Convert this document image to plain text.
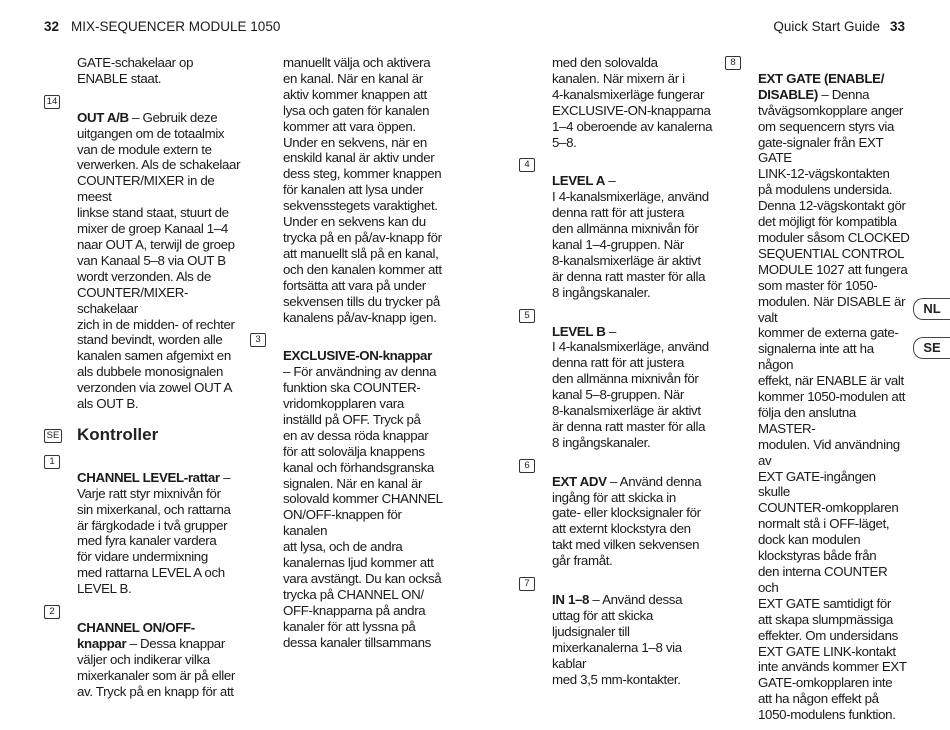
32 MIX-SEQUENCER MODULE 1050	Quick Start Guide 33
GATE-schakelaar op
ENABLE staat.

14
OUT A/B – Gebruik deze
uitgangen om de totaalmix
van de module extern te
verwerken. Als de schakelaar
COUNTER/MIXER in de meest
linkse stand staat, stuurt de
mixer de groep Kanaal 1–4
naar OUT A, terwijl de groep
van Kanaal 5–8 via OUT B
wordt verzonden. Als de
COUNTER/MIXER-schakelaar
zich in de midden- of rechter
stand bevindt, worden alle
kanalen samen afgemixt en
als dubbele monosignalen
verzonden via zowel OUT A
als OUT B.

SE Kontroller

1
CHANNEL LEVEL-rattar –
Varje ratt styr mixnivån för
sin mixerkanal, och rattarna
är färgkodade i två grupper
med fyra kanaler vardera
för vidare undermixning
med rattarna LEVEL A och
LEVEL B.

2
CHANNEL ON/OFF-
knappar – Dessa knappar
väljer och indikerar vilka
mixerkanaler som är på eller
av. Tryck på en knapp för att

manuellt välja och aktivera
en kanal. När en kanal är
aktiv kommer knappen att
lysa och gaten för kanalen
kommer att vara öppen.
Under en sekvens, när en
enskild kanal är aktiv under
dess steg, kommer knappen
för kanalen att lysa under
sekvensstegets varaktighet.
Under en sekvens kan du
trycka på en på/av-knapp för
att manuellt slå på en kanal,
och den kanalen kommer att
fortsätta att vara på under
sekvensen tills du trycker på
kanalens på/av-knapp igen.

3
EXCLUSIVE-ON-knappar
– För användning av denna
funktion ska COUNTER-
vridomkopplaren vara
inställd på OFF. Tryck på
en av dessa röda knappar
för att solovälja knappens
kanal och förhandsgranska
signalen. När en kanal är
solovald kommer CHANNEL
ON/OFF-knappen för kanalen
att lysa, och de andra
kanalernas ljud kommer att
vara avstängt. Du kan också
trycka på CHANNEL ON/
OFF-knapparna på andra
kanaler för att lyssna på
dessa kanaler tillsammans

med den solovalda
kanalen. När mixern är i
4-kanalsmixerläge fungerar
EXCLUSIVE-ON-knapparna
1–4 oberoende av kanalerna
5–8.

4
LEVEL A –
I 4-kanalsmixerläge, använd
denna ratt för att justera
den allmänna mixnivån för
kanal 1–4-gruppen. När
8-kanalsmixerläge är aktivt
är denna ratt master för alla
8 ingångskanaler.

5
LEVEL B –
I 4-kanalsmixerläge, använd
denna ratt för att justera
den allmänna mixnivån för
kanal 5–8-gruppen. När
8-kanalsmixerläge är aktivt
är denna ratt master för alla
8 ingångskanaler.

6
EXT ADV – Använd denna
ingång för att skicka in
gate- eller klocksignaler för
att externt klockstyra den
takt med vilken sekvensen
går framåt.

7
IN 1–8 – Använd dessa
uttag för att skicka
ljudsignaler till
mixerkanalerna 1–8 via kablar
med 3,5 mm-kontakter.

8
EXT GATE (ENABLE/
DISABLE) – Denna
tvåvägsomkopplare anger
om sequencern styrs via
gate-signaler från EXT GATE
LINK-12-vägskontakten
på modulens undersida.
Denna 12-vägskontakt gör
det möjligt för kompatibla
moduler såsom CLOCKED
SEQUENTIAL CONTROL
MODULE 1027 att fungera
som master för 1050-
modulen. När DISABLE är valt
kommer de externa gate-
signalerna inte att ha någon
effekt, när ENABLE är valt
kommer 1050-modulen att
följa den anslutna MASTER-
modulen. Vid användning av
EXT GATE-ingången skulle
COUNTER-omkopplaren
normalt stå i OFF-läget,
dock kan modulen
klockstyras både från
den interna COUNTER och
EXT GATE samtidigt för
att skapa slumpmässiga
effekter. Om undersidans
EXT GATE LINK-kontakt
inte används kommer EXT
GATE-omkopplaren inte
att ha någon effekt på
1050-modulens funktion.

NL
SE
